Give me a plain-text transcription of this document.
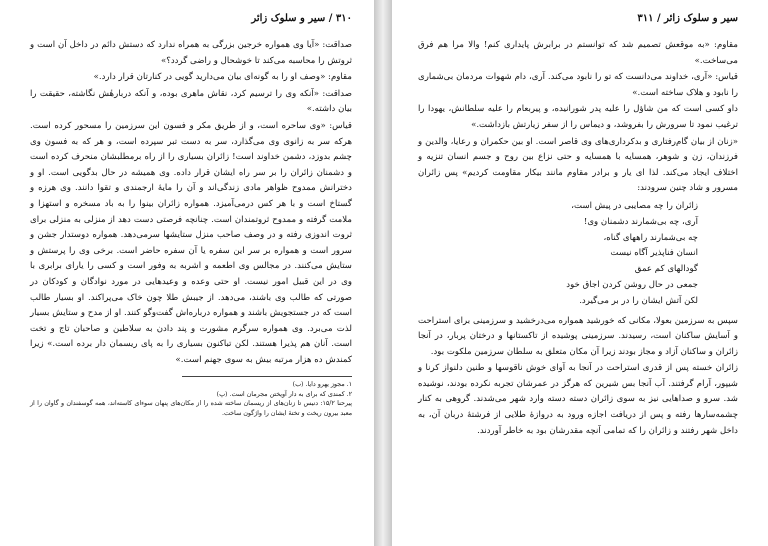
۳۱۰ / سیر و سلوک زائر

صداقت: «آیا وی همواره خرجین بزرگی به همراه ندارد که دستش دائم در داخل آن است و ثروتش را محاسبه می‌کند تا خوشحال و راضی گردد؟»

مقاوم: «وصف او را به گونه‌ای بیان می‌دارید گویی در کنارتان قرار دارد.»

صداقت: «آنکه وی را ترسیم کرد، نقاش ماهری بوده، و آنکه دربارهٔش نگاشته، حقیقت را بیان داشته.»

قیاس: «وی ساحره است، و از طریق مکر و فسون این سرزمین را مسحور کرده است. هرکه سر به زانوی وی می‌گذارد، سر به دست تبر سپرده است، و هر که به فسون وی چشم بدوزد، دشمن خداوند است! زائران بسیاری را از راه برمطلبشان منحرف کرده است و دشمنان زائران را بر سر راه ایشان قرار داده. وی همیشه در حال بدگویی است. او و دخترانش ممدوح ظواهر مادی زندگی‌اند و آن را مایهٔ ارجمندی و تقوا دانند. وی هرزه و گستاخ است و با هر کس درمی‌آمیزد. همواره زائران بینوا را به باد مسخره و استهزا و ملامت گرفته و ممدوح ثروتمندان است. چنانچه فرصتی دست دهد از منزلی به منزلی برای ثروت اندوزی رفته و در وصف صاحب منزل ستایشها سرمی‌دهد. همواره دوستدار جشن و سرور است و همواره بر سر این سفره یا آن سفره حاضر است. برخی وی را پرستش و ستایش می‌کنند. در مجالس وی اطعمه و اشربه به وفور است و کسی را یارای برابری با وی در این قبیل امور نیست. او حتی وعده و وعیدهایی در مورد نوادگان و کودکان در صورتی که طالب وی باشند، می‌دهد. از جیبش طلا چون خاک می‌پراکند. او بسیار طالب است که در جستجویش باشند و همواره درباره‌اش گفت‌وگو کنند. او از مدح و ستایش بسیار لذت می‌برد. وی همواره سرگرم مشورت و پند دادن به سلاطین و صاحبان تاج و تخت است. آنان هم پذیرا هستند. لکن تباکنون بسیاری را به پای ریسمان دار برده است.» زیرا کمندش ده هزار مرتبه بیش به سوی جهنم است.»

۱. مجوز یهرو دایا. (ب)
۲. کمندی که برای به دار آویختن مجرمان است. (پ)
پیرحنا ۱۵/۲: دنیس تا زنان‌های از ریسمان ساخته شده را از مکان‌های پنهان سوء‌ای کاسته‌اند، همه گوسفندان و گاوان را از معبد بیرون ریخت و تختهٔ ایشان را واژگون ساخت.
سیر و سلوک زائر / ۳۱۱

مقاوم: «به موقعش تصمیم شد که توانستم در برابرش پایداری کنم! والا مرا هم فرق می‌ساخت.»

قیاس: «آری، خداوند می‌دانست که تو را نابود می‌کند. آری، دام شهوات مردمان بی‌شماری را نابود و هلاک ساخته است.»

داو کسی است که من شاؤل را علیه پدر شورانیده، و پیربعام را علیه سلطانش، یهودا را ترغیب نمود تا سرورش را بفروشد، و دیماس را از سفر زیارتش بازداشت.»

«زنان از بیان گام‌رفتاری و بدکرداری‌های وی قاصر است. او بین حکمران و رعایا، والدین و فرزندان، زن و شوهر، همسایه با همسایه و حتی نزاع بین روح و جسم انسان تنزیه و اختلاف ایجاد می‌کند. لذا ای یار و برادر مقاوم مانند بیکار مقاومت کردیم» پس زائران مسرور و شاد چنین سرودند:

زائران را چه مصایبی در پیش است،
آری، چه بی‌شمارند دشمنان وی!
چه بی‌شمارند راههای گناه،
انسان فناپذیر آگاه نیست
گودالهای کم عمق
جمعی در حال روشن کردن اجاق خود
لکن آتش ایشان را در بر می‌گیرد.

سپس به سرزمین بعولا، مکانی که خورشید همواره می‌درخشید و سرزمینی برای استراحت و آسایش ساکنان است، رسیدند. سرزمینی پوشیده از تاکستانها و درختان پربار، در آنجا زائران و ساکنان آزاد و مجاز بودند زیرا آن مکان متعلق به سلطان سرزمین ملکوت بود.

زائران خسته پس از قدری استراحت در آنجا به آوای خوش ناقوسها و طنین دلنواز کرنا و شیپور، آرام گرفتند. آب آنجا بس شیرین که هرگز در عمرشان تجربه نکرده بودند، نوشیده شد. سرو و صداهایی نیز به سوی زائران دسته دسته وارد شهر می‌شدند. گروهی به کنار چشمه‌سارها رفته و پس از دریافت اجازه ورود به دروازهٔ طلایی از فرشتهٔ دربان آن، به داخل شهر رفتند و زائران را که تمامی آنچه مقدرشان بود به خاطر آوردند.
